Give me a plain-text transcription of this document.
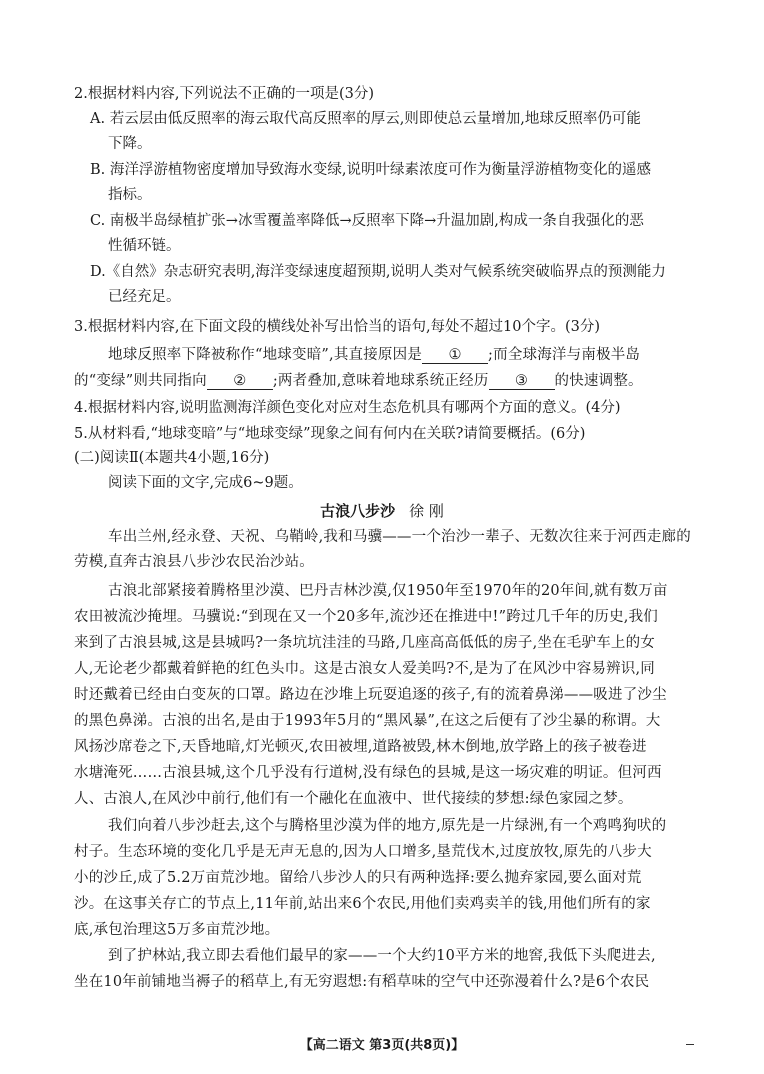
2.根据材料内容,下列说法不正确的一项是(3分)
A. 若云层由低反照率的海云取代高反照率的厚云,则即使总云量增加,地球反照率仍可能
下降。
B. 海洋浮游植物密度增加导致海水变绿,说明叶绿素浓度可作为衡量浮游植物变化的遥感
指标。
C. 南极半岛绿植扩张→冰雪覆盖率降低→反照率下降→升温加剧,构成一条自我强化的恶
性循环链。
D.《自然》杂志研究表明,海洋变绿速度超预期,说明人类对气候系统突破临界点的预测能力
已经充足。
3.根据材料内容,在下面文段的横线处补写出恰当的语句,每处不超过10个字。(3分)
地球反照率下降被称作“地球变暗”,其直接原因是 ① ;而全球海洋与南极半岛
的“变绿”则共同指向 ② ;两者叠加,意味着地球系统正经历 ③ 的快速调整。
4.根据材料内容,说明监测海洋颜色变化对应对生态危机具有哪两个方面的意义。(4分)
5.从材料看,“地球变暗”与“地球变绿”现象之间有何内在关联?请简要概括。(6分)
(二)阅读Ⅱ(本题共4小题,16分)
阅读下面的文字,完成6~9题。
古浪八步沙 徐 刚
车出兰州,经永登、天祝、乌鞘岭,我和马骥——一个治沙一辈子、无数次往来于河西走廊的
劳模,直奔古浪县八步沙农民治沙站。
古浪北部紧接着腾格里沙漠、巴丹吉林沙漠,仅1950年至1970年的20年间,就有数万亩
农田被流沙掩埋。马骥说:“到现在又一个20多年,流沙还在推进中!”跨过几千年的历史,我们
来到了古浪县城,这是县城吗?一条坑坑洼洼的马路,几座高高低低的房子,坐在毛驴车上的女
人,无论老少都戴着鲜艳的红色头巾。这是古浪女人爱美吗?不,是为了在风沙中容易辨识,同
时还戴着已经由白变灰的口罩。路边在沙堆上玩耍追逐的孩子,有的流着鼻涕——吸进了沙尘
的黑色鼻涕。古浪的出名,是由于1993年5月的“黑风暴”,在这之后便有了沙尘暴的称谓。大
风扬沙席卷之下,天昏地暗,灯光顿灭,农田被埋,道路被毁,林木倒地,放学路上的孩子被卷进
水塘淹死……古浪县城,这个几乎没有行道树,没有绿色的县城,是这一场灾难的明证。但河西
人、古浪人,在风沙中前行,他们有一个融化在血液中、世代接续的梦想:绿色家园之梦。
我们向着八步沙赶去,这个与腾格里沙漠为伴的地方,原先是一片绿洲,有一个鸡鸣狗吠的
村子。生态环境的变化几乎是无声无息的,因为人口增多,垦荒伐木,过度放牧,原先的八步大
小的沙丘,成了5.2万亩荒沙地。留给八步沙人的只有两种选择:要么抛弃家园,要么面对荒
沙。在这事关存亡的节点上,11年前,站出来6个农民,用他们卖鸡卖羊的钱,用他们所有的家
底,承包治理这5万多亩荒沙地。
到了护林站,我立即去看他们最早的家——一个大约10平方米的地窖,我低下头爬进去,
坐在10年前铺地当褥子的稻草上,有无穷遐想:有稻草味的空气中还弥漫着什么?是6个农民
【高二语文 第3页(共8页)】
